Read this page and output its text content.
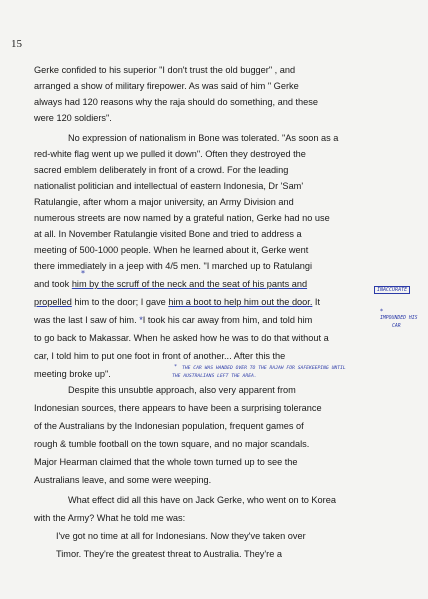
15
Gerke confided to his superior "I don't trust the old bugger" , and
arranged a show of military firepower. As was said of him " Gerke
always had 120 reasons why the raja should do something, and these
were 120 soldiers".
No expression of nationalism in Bone was tolerated. "As soon as a
red-white flag went up we pulled it down". Often they destroyed the
sacred emblem deliberately in front of a crowd. For the leading
nationalist politician and intellectual of eastern Indonesia, Dr 'Sam'
Ratulangie, after whom a major university, an Army Division and
numerous streets are now named by a grateful nation, Gerke had no use
at all. In November Ratulangie visited Bone and tried to address a
meeting of 500-1000 people. When he learned about it, Gerke went
there immediately in a jeep with 4/5 men. "I marched up to Ratulangi
*
and took him by the scruff of the neck and the seat of his pants and
propelled him to the door; I gave him a boot to help him out the door. It
was the last I saw of him. *I took his car away from him, and told him
to go back to Makassar. When he asked how he was to do that without a
car, I told him to put one foot in front of another... After this the
meeting broke up".
* THE CAR WAS HANDED OVER TO THE RAJAH FOR SAFEKEEPING UNTIL
THE AUSTRALIANS LEFT THE AREA.
INACCURATE
*
IMPOUNDED HIS
CAR
Despite this unsubtle approach, also very apparent from
Indonesian sources, there appears to have been a surprising tolerance
of the Australians by the Indonesian population, frequent games of
rough & tumble football on the town square, and no major scandals.
Major Hearman claimed that the whole town turned up to see the
Australians leave, and some were weeping.
What effect did all this have on Jack Gerke, who went on to Korea
with the Army? What he told me was:
I've got no time at all for Indonesians. Now they've taken over
Timor. They're the greatest threat to Australia. They're a
